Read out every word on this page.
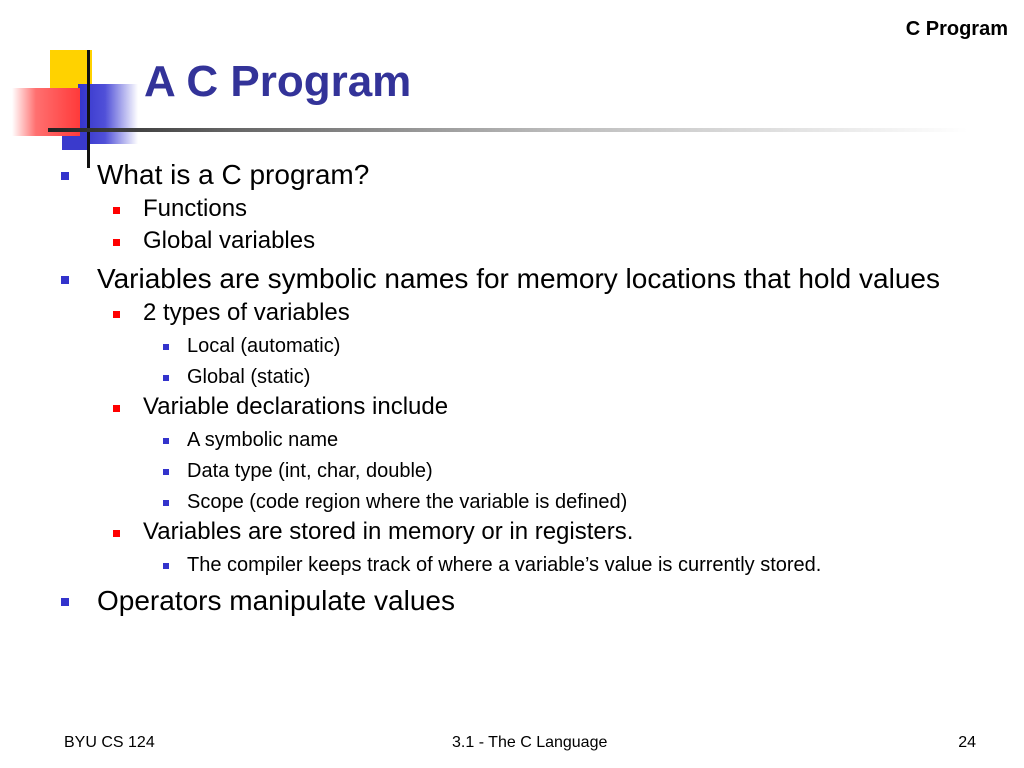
C Program
A C Program
What is a C program?
Functions
Global variables
Variables are symbolic names for memory locations that hold values
2 types of variables
Local (automatic)
Global (static)
Variable declarations include
A symbolic name
Data type (int, char, double)
Scope (code region where the variable is defined)
Variables are stored in memory or in registers.
The compiler keeps track of where a variable’s value is currently stored.
Operators manipulate values
BYU CS 124	3.1 - The C Language	24
